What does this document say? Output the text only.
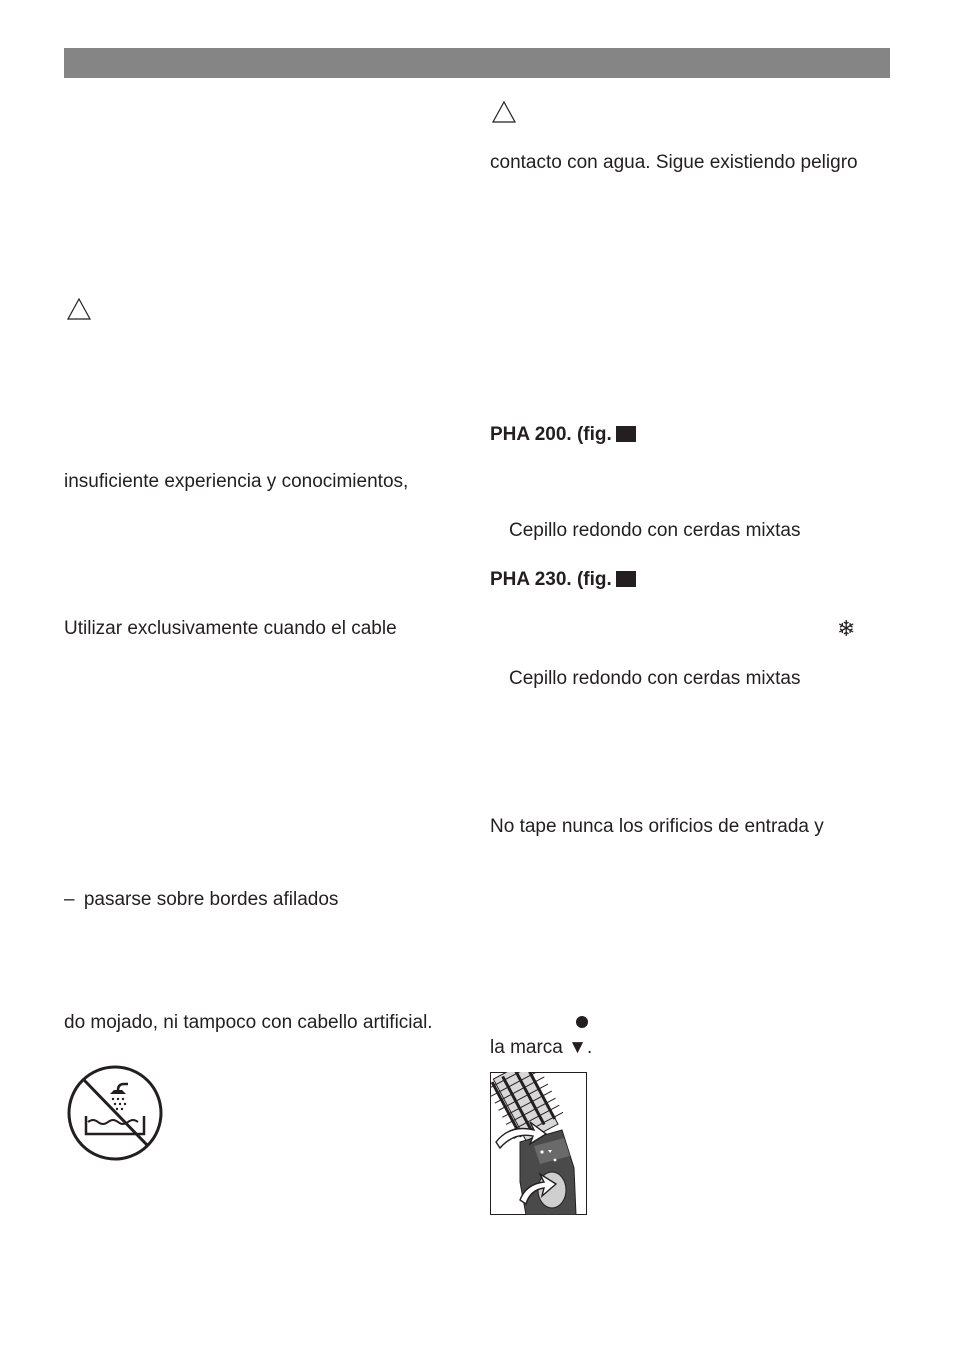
insuficiente experiencia y conocimientos,
Utilizar exclusivamente cuando el cable
– pasarse sobre bordes afilados
do mojado, ni tampoco con cabello artificial.
contacto con agua. Sigue existiendo peligro
PHA 200. (fig.
Cepillo redondo con cerdas mixtas
PHA 230. (fig.
❄
Cepillo redondo con cerdas mixtas
No tape nunca los orificios de entrada y
la marca ▼.
